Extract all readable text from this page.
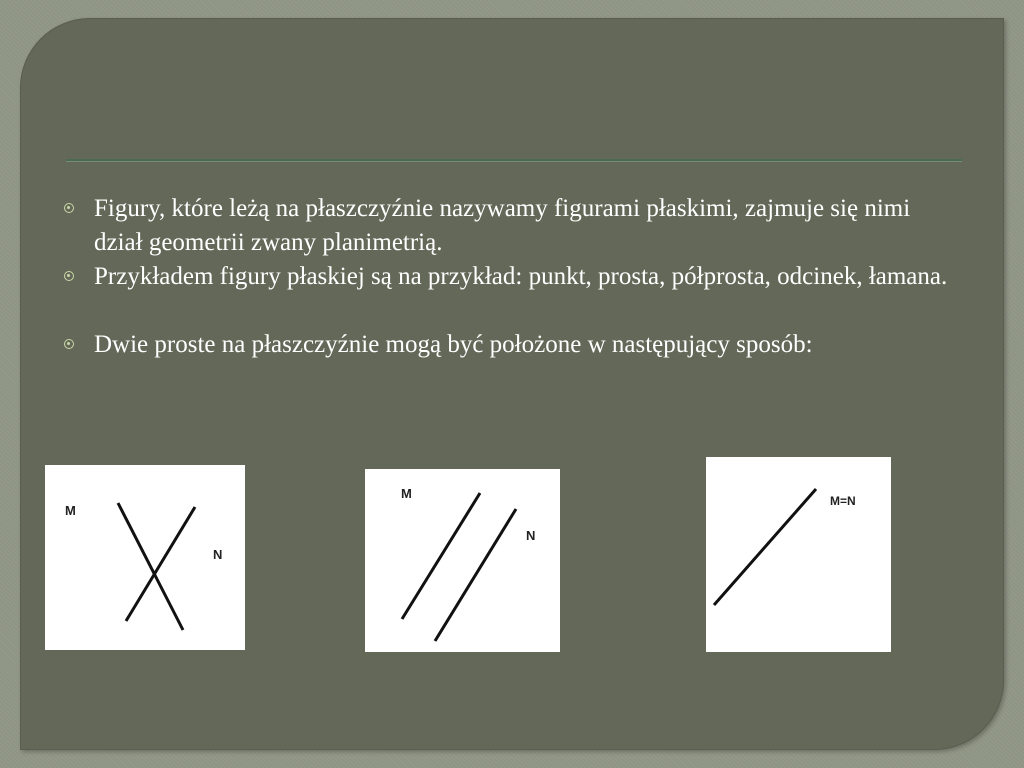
Figury, które leżą na płaszczyźnie nazywamy figurami płaskimi, zajmuje się nimi dział geometrii zwany planimetrią.
Przykładem figury płaskiej są na przykład: punkt, prosta, półprosta, odcinek, łamana.
Dwie proste na płaszczyźnie mogą być położone w następujący sposób:
M
N
M
N
M=N
